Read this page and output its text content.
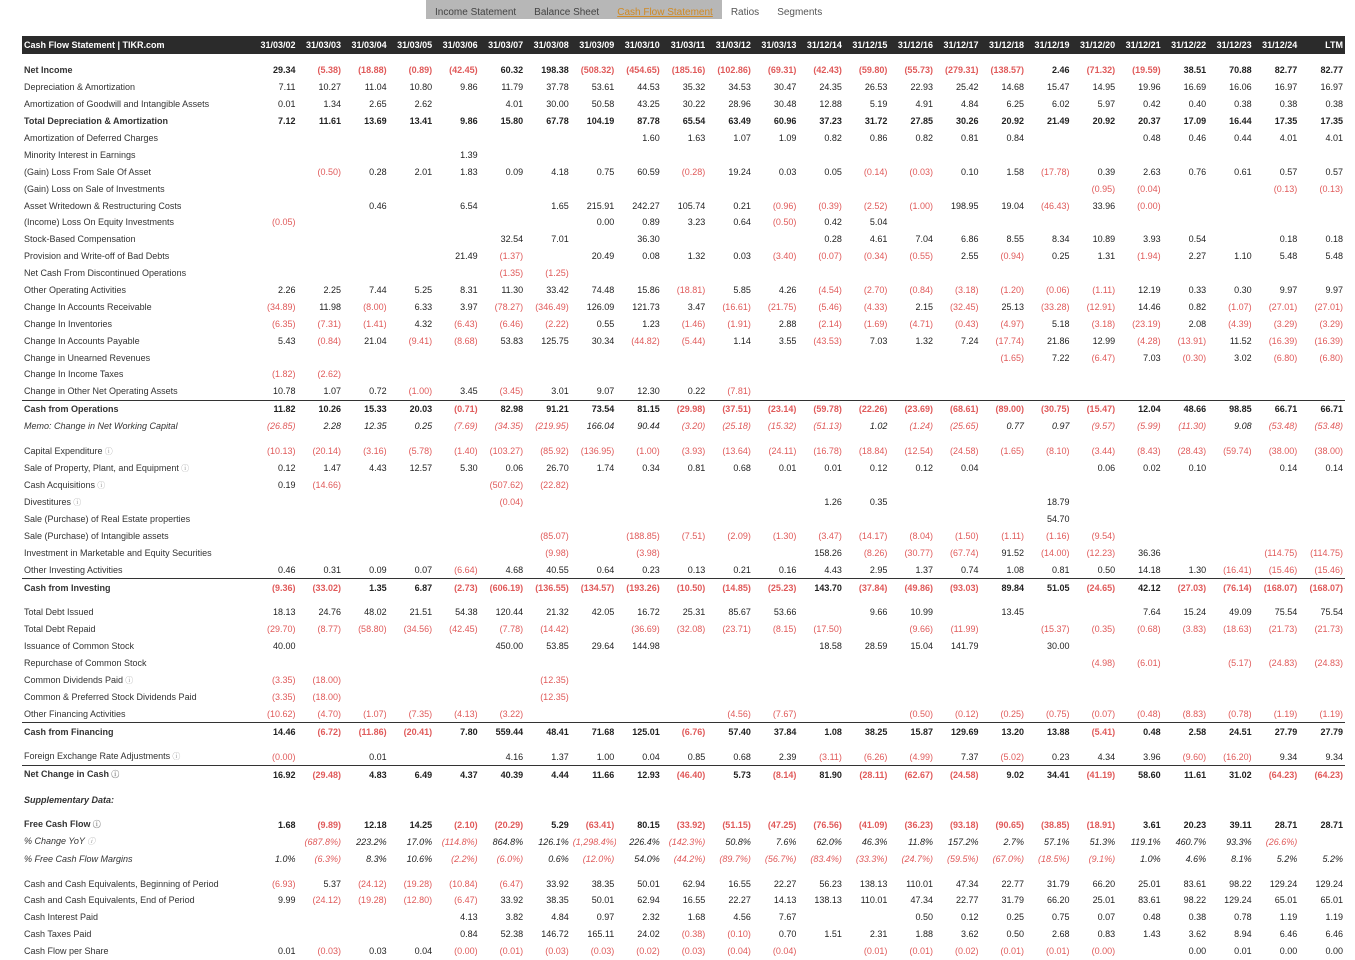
Income Statement	Balance Sheet	Cash Flow Statement	Ratios	Segments
Cash Flow Statement | TIKR.com	31/03/02	31/03/03	31/03/04	31/03/05	31/03/06	31/03/07	31/03/08	31/03/09	31/03/10	31/03/11	31/03/12	31/03/13	31/12/14	31/12/15	31/12/16	31/12/17	31/12/18	31/12/19	31/12/20	31/12/21	31/12/22	31/12/23	31/12/24	LTM

Net Income	29.34	(5.38)	(18.88)	(0.89)	(42.45)	60.32	198.38	(508.32)	(454.65)	(185.16)	(102.86)	(69.31)	(42.43)	(59.80)	(55.73)	(279.31)	(138.57)	2.46	(71.32)	(19.59)	38.51	70.88	82.77	82.77
Depreciation & Amortization	7.11	10.27	11.04	10.80	9.86	11.79	37.78	53.61	44.53	35.32	34.53	30.47	24.35	26.53	22.93	25.42	14.68	15.47	14.95	19.96	16.69	16.06	16.97	16.97
Amortization of Goodwill and Intangible Assets	0.01	1.34	2.65	2.62		4.01	30.00	50.58	43.25	30.22	28.96	30.48	12.88	5.19	4.91	4.84	6.25	6.02	5.97	0.42	0.40	0.38	0.38	0.38
Total Depreciation & Amortization	7.12	11.61	13.69	13.41	9.86	15.80	67.78	104.19	87.78	65.54	63.49	60.96	37.23	31.72	27.85	30.26	20.92	21.49	20.92	20.37	17.09	16.44	17.35	17.35
Amortization of Deferred Charges									1.60	1.63	1.07	1.09	0.82	0.86	0.82	0.81	0.84			0.48	0.46	0.44	4.01	4.01
Minority Interest in Earnings					1.39																			
(Gain) Loss From Sale Of Asset		(0.50)	0.28	2.01	1.83	0.09	4.18	0.75	60.59	(0.28)	19.24	0.03	0.05	(0.14)	(0.03)	0.10	1.58	(17.78)	0.39	2.63	0.76	0.61	0.57	0.57
(Gain) Loss on Sale of Investments																			(0.95)	(0.04)			(0.13)	(0.13)
Asset Writedown & Restructuring Costs			0.46		6.54		1.65	215.91	242.27	105.74	0.21	(0.96)	(0.39)	(2.52)	(1.00)	198.95	19.04	(46.43)	33.96	(0.00)				
(Income) Loss On Equity Investments	(0.05)							0.00	0.89	3.23	0.64	(0.50)	0.42	5.04										
Stock-Based Compensation						32.54	7.01		36.30				0.28	4.61	7.04	6.86	8.55	8.34	10.89	3.93	0.54		0.18	0.18
Provision and Write-off of Bad Debts					21.49	(1.37)		20.49	0.08	1.32	0.03	(3.40)	(0.07)	(0.34)	(0.55)	2.55	(0.94)	0.25	1.31	(1.94)	2.27	1.10	5.48	5.48
Net Cash From Discontinued Operations						(1.35)	(1.25)																	
Other Operating Activities	2.26	2.25	7.44	5.25	8.31	11.30	33.42	74.48	15.86	(18.81)	5.85	4.26	(4.54)	(2.70)	(0.84)	(3.18)	(1.20)	(0.06)	(1.11)	12.19	0.33	0.30	9.97	9.97
Change In Accounts Receivable	(34.89)	11.98	(8.00)	6.33	3.97	(78.27)	(346.49)	126.09	121.73	3.47	(16.61)	(21.75)	(5.46)	(4.33)	2.15	(32.45)	25.13	(33.28)	(12.91)	14.46	0.82	(1.07)	(27.01)	(27.01)
Change In Inventories	(6.35)	(7.31)	(1.41)	4.32	(6.43)	(6.46)	(2.22)	0.55	1.23	(1.46)	(1.91)	2.88	(2.14)	(1.69)	(4.71)	(0.43)	(4.97)	5.18	(3.18)	(23.19)	2.08	(4.39)	(3.29)	(3.29)
Change In Accounts Payable	5.43	(0.84)	21.04	(9.41)	(8.68)	53.83	125.75	30.34	(44.82)	(5.44)	1.14	3.55	(43.53)	7.03	1.32	7.24	(17.74)	21.86	12.99	(4.28)	(13.91)	11.52	(16.39)	(16.39)
Change in Unearned Revenues																	(1.65)	7.22	(6.47)	7.03	(0.30)	3.02	(6.80)	(6.80)
Change In Income Taxes	(1.82)	(2.62)																						
Change in Other Net Operating Assets	10.78	1.07	0.72	(1.00)	3.45	(3.45)	3.01	9.07	12.30	0.22	(7.81)													
Cash from Operations	11.82	10.26	15.33	20.03	(0.71)	82.98	91.21	73.54	81.15	(29.98)	(37.51)	(23.14)	(59.78)	(22.26)	(23.69)	(68.61)	(89.00)	(30.75)	(15.47)	12.04	48.66	98.85	66.71	66.71
Memo: Change in Net Working Capital	(26.85)	2.28	12.35	0.25	(7.69)	(34.35)	(219.95)	166.04	90.44	(3.20)	(25.18)	(15.32)	(51.13)	1.02	(1.24)	(25.65)	0.77	0.97	(9.57)	(5.99)	(11.30)	9.08	(53.48)	(53.48)

Capital Expenditure ⓘ	(10.13)	(20.14)	(3.16)	(5.78)	(1.40)	(103.27)	(85.92)	(136.95)	(1.00)	(3.93)	(13.64)	(24.11)	(16.78)	(18.84)	(12.54)	(24.58)	(1.65)	(8.10)	(3.44)	(8.43)	(28.43)	(59.74)	(38.00)	(38.00)
Sale of Property, Plant, and Equipment ⓘ	0.12	1.47	4.43	12.57	5.30	0.06	26.70	1.74	0.34	0.81	0.68	0.01	0.01	0.12	0.12	0.04			0.06	0.02	0.10		0.14	0.14
Cash Acquisitions ⓘ	0.19	(14.66)				(507.62)	(22.82)																	
Divestitures ⓘ						(0.04)							1.26	0.35				18.79						
Sale (Purchase) of Real Estate properties																		54.70						
Sale (Purchase) of Intangible assets							(85.07)		(188.85)	(7.51)	(2.09)	(1.30)	(3.47)	(14.17)	(8.04)	(1.50)	(1.11)	(1.16)	(9.54)					
Investment in Marketable and Equity Securities							(9.98)		(3.98)				158.26	(8.26)	(30.77)	(67.74)	91.52	(14.00)	(12.23)	36.36			(114.75)	(114.75)
Other Investing Activities	0.46	0.31	0.09	0.07	(6.64)	4.68	40.55	0.64	0.23	0.13	0.21	0.16	4.43	2.95	1.37	0.74	1.08	0.81	0.50	14.18	1.30	(16.41)	(15.46)	(15.46)
Cash from Investing	(9.36)	(33.02)	1.35	6.87	(2.73)	(606.19)	(136.55)	(134.57)	(193.26)	(10.50)	(14.85)	(25.23)	143.70	(37.84)	(49.86)	(93.03)	89.84	51.05	(24.65)	42.12	(27.03)	(76.14)	(168.07)	(168.07)

Total Debt Issued	18.13	24.76	48.02	21.51	54.38	120.44	21.32	42.05	16.72	25.31	85.67	53.66		9.66	10.99		13.45			7.64	15.24	49.09	75.54	75.54
Total Debt Repaid	(29.70)	(8.77)	(58.80)	(34.56)	(42.45)	(7.78)	(14.42)		(36.69)	(32.08)	(23.71)	(8.15)	(17.50)		(9.66)	(11.99)		(15.37)	(0.35)	(0.68)	(3.83)	(18.63)	(21.73)	(21.73)
Issuance of Common Stock	40.00					450.00	53.85	29.64	144.98				18.58	28.59	15.04	141.79		30.00						
Repurchase of Common Stock																			(4.98)	(6.01)		(5.17)	(24.83)	(24.83)
Common Dividends Paid ⓘ	(3.35)	(18.00)					(12.35)																	
Common & Preferred Stock Dividends Paid	(3.35)	(18.00)					(12.35)																	
Other Financing Activities	(10.62)	(4.70)	(1.07)	(7.35)	(4.13)	(3.22)					(4.56)	(7.67)			(0.50)	(0.12)	(0.25)	(0.75)	(0.07)	(0.48)	(8.83)	(0.78)	(1.19)	(1.19)
Cash from Financing	14.46	(6.72)	(11.86)	(20.41)	7.80	559.44	48.41	71.68	125.01	(6.76)	57.40	37.84	1.08	38.25	15.87	129.69	13.20	13.88	(5.41)	0.48	2.58	24.51	27.79	27.79

Foreign Exchange Rate Adjustments ⓘ	(0.00)		0.01			4.16	1.37	1.00	0.04	0.85	0.68	2.39	(3.11)	(6.26)	(4.99)	7.37	(5.02)	0.23	4.34	3.96	(9.60)	(16.20)	9.34	9.34
Net Change in Cash ⓘ	16.92	(29.48)	4.83	6.49	4.37	40.39	4.44	11.66	12.93	(46.40)	5.73	(8.14)	81.90	(28.11)	(62.67)	(24.58)	9.02	34.41	(41.19)	58.60	11.61	31.02	(64.23)	(64.23)

Supplementary Data:																								

Free Cash Flow ⓘ	1.68	(9.89)	12.18	14.25	(2.10)	(20.29)	5.29	(63.41)	80.15	(33.92)	(51.15)	(47.25)	(76.56)	(41.09)	(36.23)	(93.18)	(90.65)	(38.85)	(18.91)	3.61	20.23	39.11	28.71	28.71
% Change YoY ⓘ		(687.8%)	223.2%	17.0%	(114.8%)	864.8%	126.1%	(1,298.4%)	226.4%	(142.3%)	50.8%	7.6%	62.0%	46.3%	11.8%	157.2%	2.7%	57.1%	51.3%	119.1%	460.7%	93.3%	(26.6%)	
% Free Cash Flow Margins	1.0%	(6.3%)	8.3%	10.6%	(2.2%)	(6.0%)	0.6%	(12.0%)	54.0%	(44.2%)	(89.7%)	(56.7%)	(83.4%)	(33.3%)	(24.7%)	(59.5%)	(67.0%)	(18.5%)	(9.1%)	1.0%	4.6%	8.1%	5.2%	5.2%

Cash and Cash Equivalents, Beginning of Period	(6.93)	5.37	(24.12)	(19.28)	(10.84)	(6.47)	33.92	38.35	50.01	62.94	16.55	22.27	56.23	138.13	110.01	47.34	22.77	31.79	66.20	25.01	83.61	98.22	129.24	129.24
Cash and Cash Equivalents, End of Period	9.99	(24.12)	(19.28)	(12.80)	(6.47)	33.92	38.35	50.01	62.94	16.55	22.27	14.13	138.13	110.01	47.34	22.77	31.79	66.20	25.01	83.61	98.22	129.24	65.01	65.01
Cash Interest Paid					4.13	3.82	4.84	0.97	2.32	1.68	4.56	7.67			0.50	0.12	0.25	0.75	0.07	0.48	0.38	0.78	1.19	1.19
Cash Taxes Paid					0.84	52.38	146.72	165.11	24.02	(0.38)	(0.10)	0.70	1.51	2.31	1.88	3.62	0.50	2.68	0.83	1.43	3.62	8.94	6.46	6.46
Cash Flow per Share	0.01	(0.03)	0.03	0.04	(0.00)	(0.01)	(0.03)	(0.03)	(0.02)	(0.03)	(0.04)	(0.04)		(0.01)	(0.01)	(0.02)	(0.01)	(0.01)	(0.00)		0.00	0.01	0.00	0.00
